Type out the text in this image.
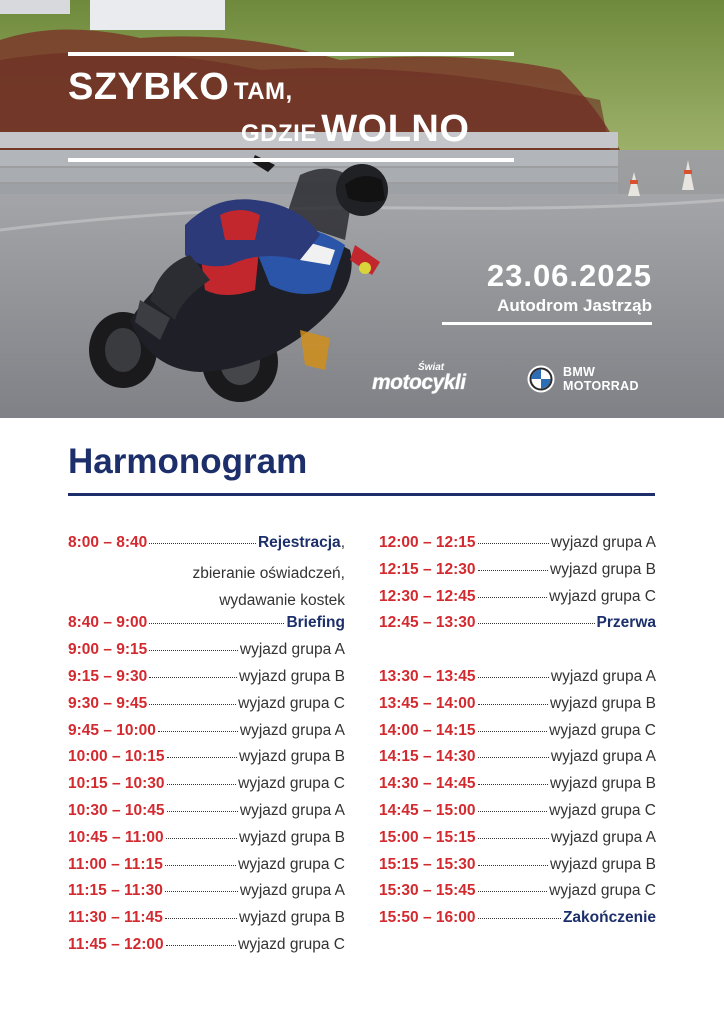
SZYBKO TAM,
GDZIE WOLNO
23.06.2025
Autodrom Jastrząb
Świat
motocykli	BMW
MOTORRAD
Harmonogram
8:00 – 8:40	Rejestracja ,
zbieranie oświadczeń,
wydawanie kostek
8:40 – 9:00	Briefing
9:00 – 9:15	wyjazd grupa A
9:15 – 9:30	wyjazd grupa B
9:30 – 9:45	wyjazd grupa C
9:45 – 10:00	wyjazd grupa A
10:00 – 10:15	wyjazd grupa B
10:15 – 10:30	wyjazd grupa C
10:30 – 10:45	wyjazd grupa A
10:45 – 11:00	wyjazd grupa B
11:00 – 11:15	wyjazd grupa C
11:15 – 11:30	wyjazd grupa A
11:30 – 11:45	wyjazd grupa B
11:45 – 12:00	wyjazd grupa C
12:00 – 12:15	wyjazd grupa A
12:15 – 12:30	wyjazd grupa B
12:30 – 12:45	wyjazd grupa C
12:45 – 13:30	Przerwa
13:30 – 13:45	wyjazd grupa A
13:45 – 14:00	wyjazd grupa B
14:00 – 14:15	wyjazd grupa C
14:15 – 14:30	wyjazd grupa A
14:30 – 14:45	wyjazd grupa B
14:45 – 15:00	wyjazd grupa C
15:00 – 15:15	wyjazd grupa A
15:15 – 15:30	wyjazd grupa B
15:30 – 15:45	wyjazd grupa C
15:50 – 16:00	Zakończenie
